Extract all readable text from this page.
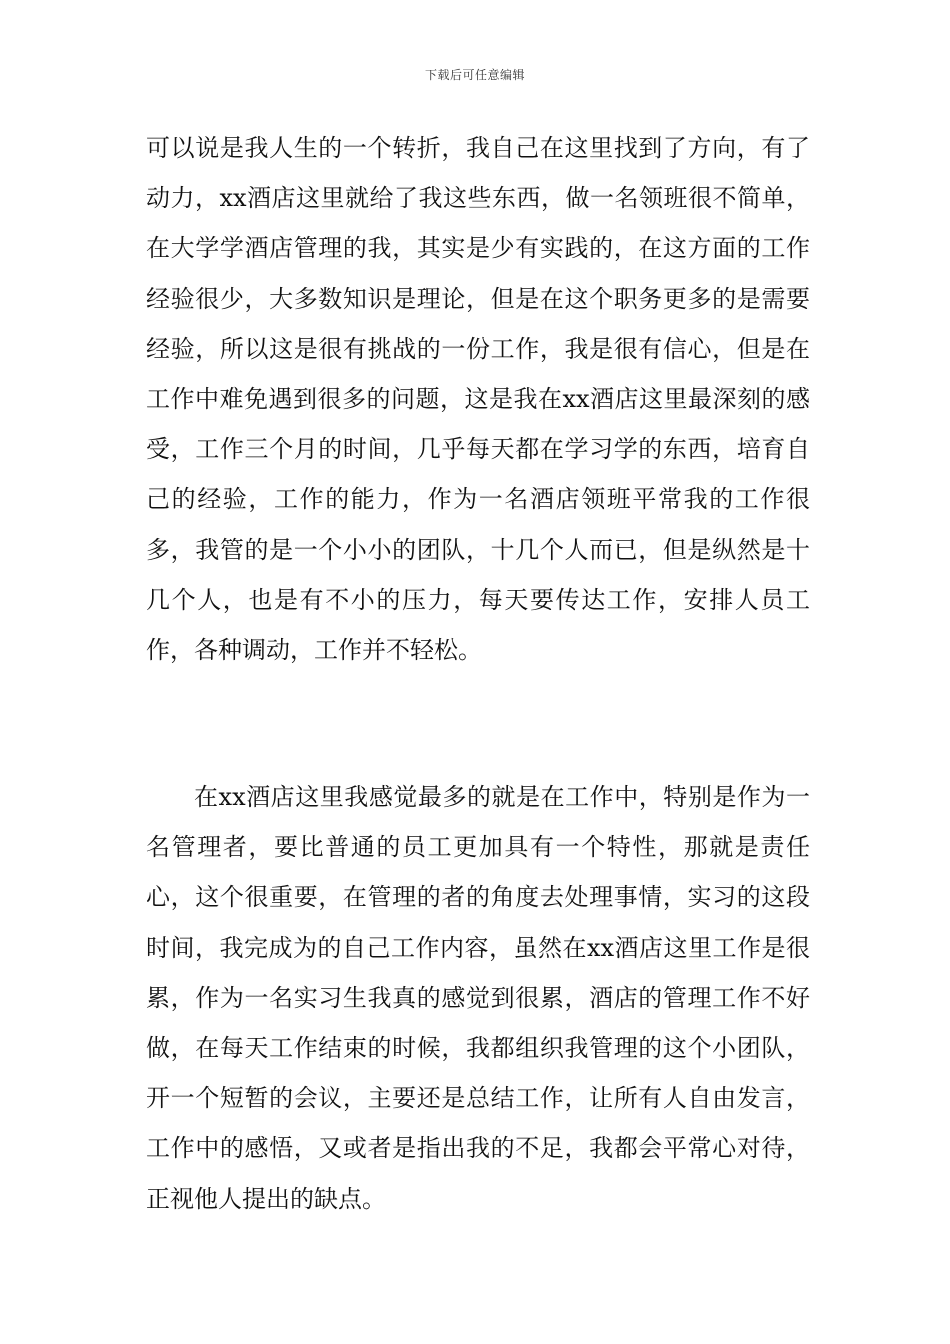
下载后可任意编辑

可以说是我人生的一个转折，我自己在这里找到了方向，有了动力，xx酒店这里就给了我这些东西，做一名领班很不简单，在大学学酒店管理的我，其实是少有实践的，在这方面的工作经验很少，大多数知识是理论，但是在这个职务更多的是需要经验，所以这是很有挑战的一份工作，我是很有信心，但是在工作中难免遇到很多的问题，这是我在xx酒店这里最深刻的感受，工作三个月的时间，几乎每天都在学习学的东西，培育自己的经验，工作的能力，作为一名酒店领班平常我的工作很多，我管的是一个小小的团队，十几个人而已，但是纵然是十几个人，也是有不小的压力，每天要传达工作，安排人员工作，各种调动，工作并不轻松。

在xx酒店这里我感觉最多的就是在工作中，特别是作为一名管理者，要比普通的员工更加具有一个特性，那就是责任心，这个很重要，在管理的者的角度去处理事情，实习的这段时间，我完成为的自己工作内容，虽然在xx酒店这里工作是很累，作为一名实习生我真的感觉到很累，酒店的管理工作不好做，在每天工作结束的时候，我都组织我管理的这个小团队，开一个短暂的会议，主要还是总结工作，让所有人自由发言，工作中的感悟，又或者是指出我的不足，我都会平常心对待，正视他人提出的缺点。
